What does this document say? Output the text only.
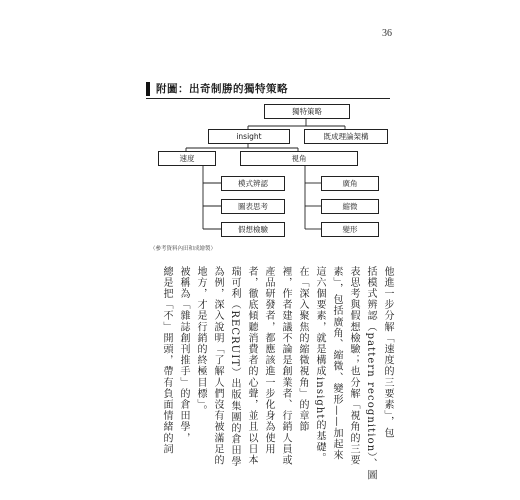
36
附圖：出奇制勝的獨特策略
獨特策略
insight	既成理論架構
速度	視角
模式辨認
圖表思考
假想檢驗
廣角
縮微
變形
（參考資料內田和成繪製）
他進一步分解「速度的三要素」，包
括模式辨認（pattern recognition）、圖
表思考與假想檢驗；也分解「視角的三要
素」，包括廣角、縮微、變形——加起來
這六個要素，就是構成insight的基礎。
在「深入聚焦的縮微視角」的章節
裡，作者建議不論是創業者、行銷人員或
產品研發者，都應該進一步化身為使用
者，徹底傾聽消費者的心聲，並且以日本
瑞可利（RECRUIT）出版集團的倉田學
為例，深入說明「了解人們沒有被滿足的
地方，才是行銷的終極目標」。
被稱為「雜誌創刊推手」的倉田學，
總是把「不」開頭，帶有負面情緒的詞
